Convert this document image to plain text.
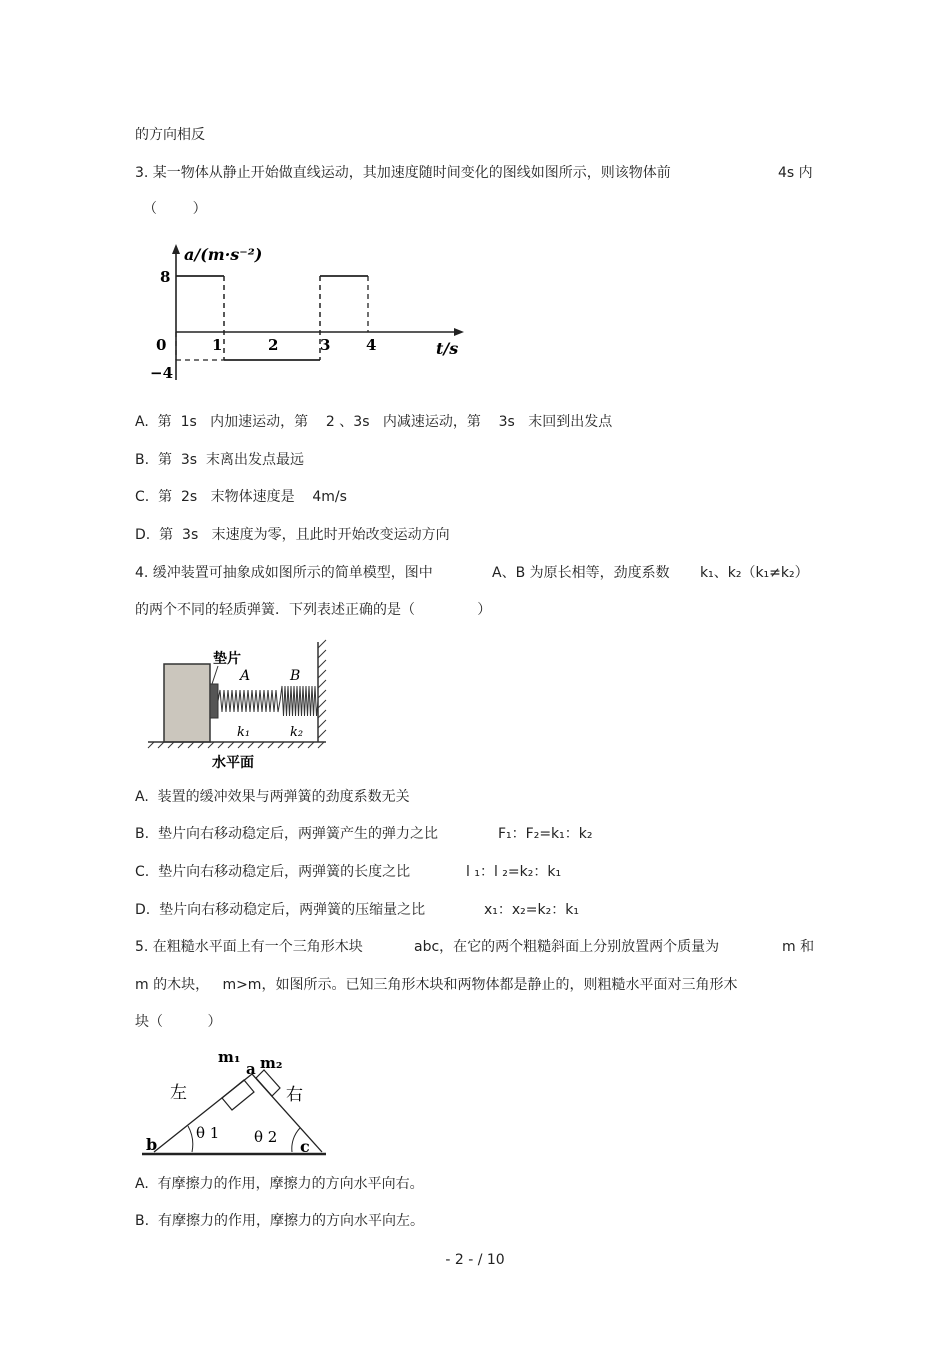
的方向相反
3. 某一物体从静止开始做直线运动，其加速度随时间变化的图线如图所示，则该物体前	4s 内
（        ）
a/(m·s⁻²)
t/s
8
0
−4
1	2	3 4
A.  第  1s   内加速运动，第    2 、3s   内减速运动，第    3s   末回到出发点
B.  第  3s  末离出发点最远
C.  第  2s   末物体速度是    4m/s
D.  第  3s   末速度为零，且此时开始改变运动方向
4. 缓冲装置可抽象成如图所示的简单模型，图中	A、B 为原长相等，劲度系数 k₁、k₂（k₁≠k₂）
的两个不同的轻质弹簧．下列表述正确的是（              ）
垫片
A	B
k₁	k₂
水平面
A.  装置的缓冲效果与两弹簧的劲度系数无关
B.  垫片向右移动稳定后，两弹簧产生的弹力之比	F₁：F₂=k₁：k₂
C.  垫片向右移动稳定后，两弹簧的长度之比	l ₁：l ₂=k₂：k₁
D.  垫片向右移动稳定后，两弹簧的压缩量之比	x₁：x₂=k₂：k₁
5. 在粗糙水平面上有一个三角形木块	abc，在它的两个粗糙斜面上分别放置两个质量为	m 和
m 的木块，   m>m，如图所示。已知三角形木块和两物体都是静止的，则粗糙水平面对三角形木
块（          ）
左	右
m₁ m₂
a
b	c
θ 1 θ 2
A.  有摩擦力的作用，摩擦力的方向水平向右。
B.  有摩擦力的作用，摩擦力的方向水平向左。
- 2 - / 10
